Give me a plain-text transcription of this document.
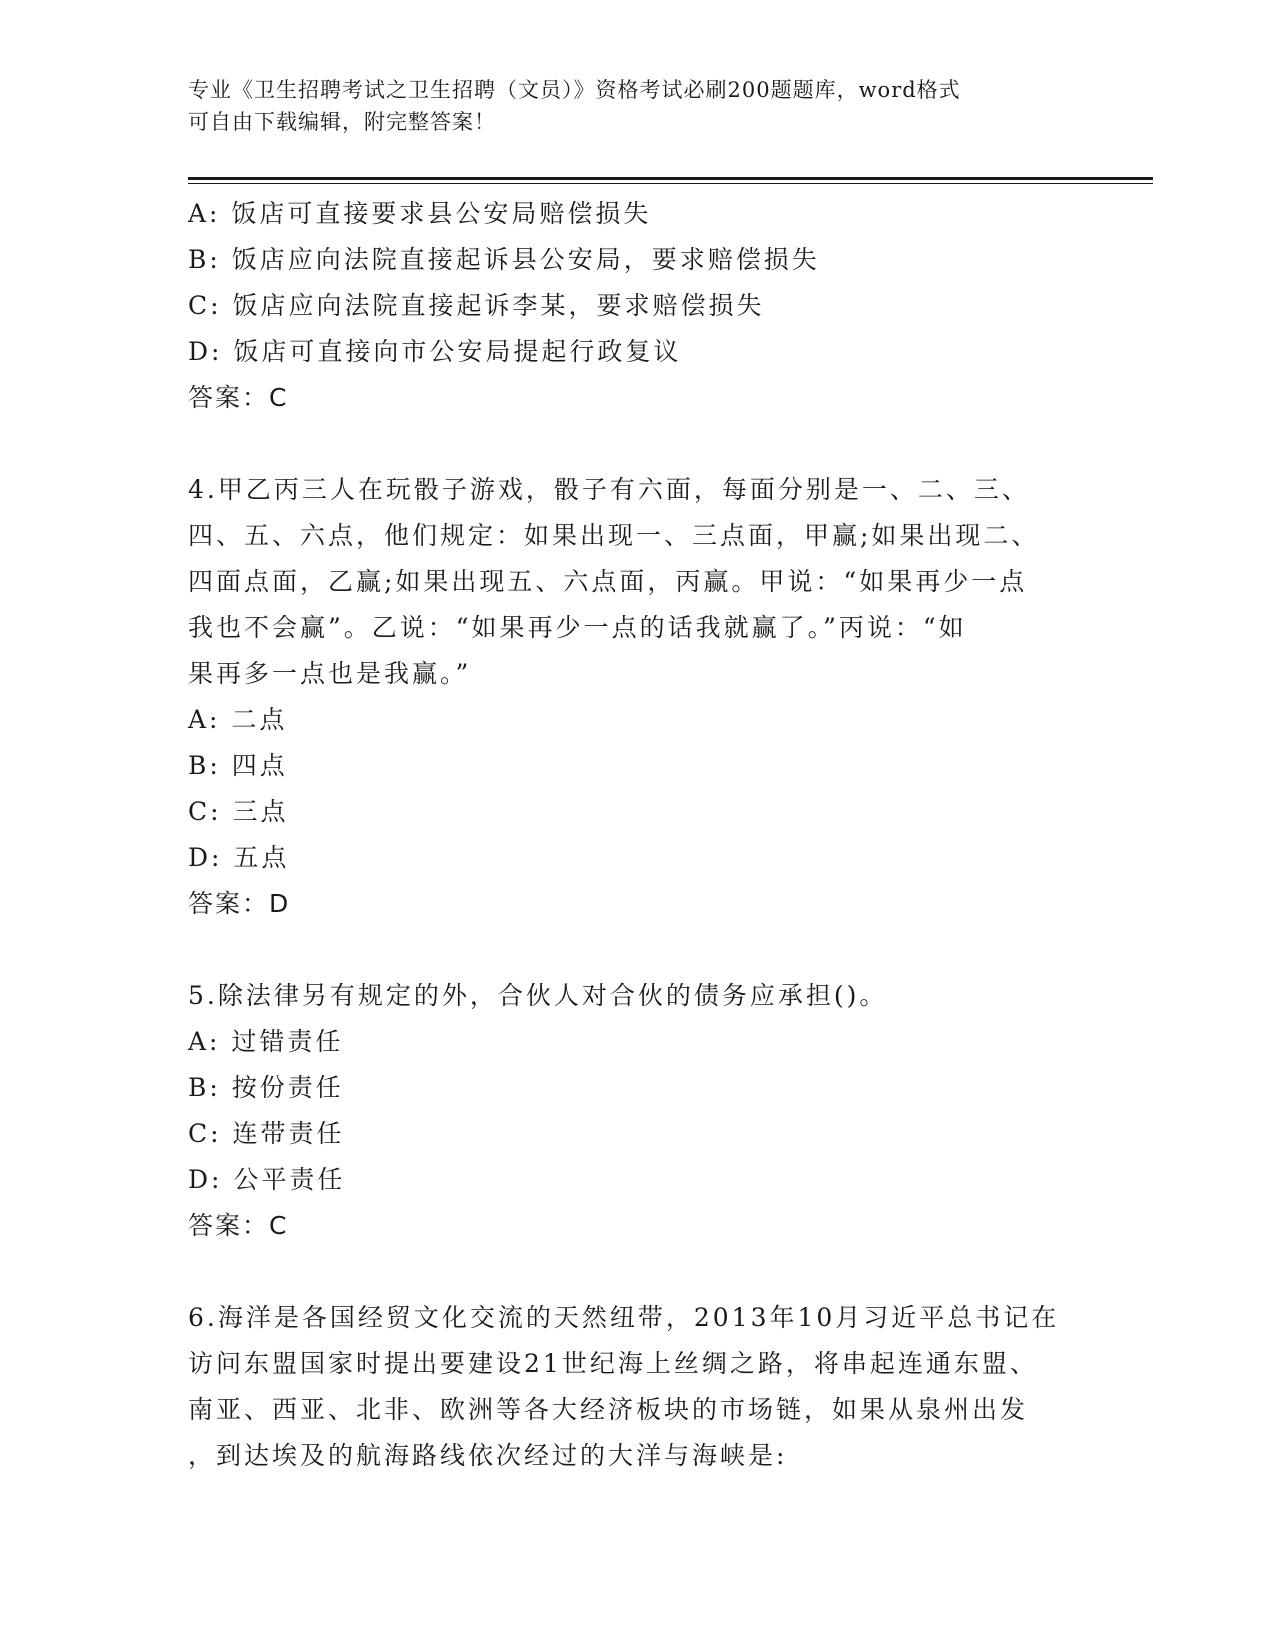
专业《卫生招聘考试之卫生招聘（文员）》资格考试必刷200题题库，word格式
可自由下载编辑，附完整答案！
A: 饭店可直接要求县公安局赔偿损失
B: 饭店应向法院直接起诉县公安局，要求赔偿损失
C: 饭店应向法院直接起诉李某，要求赔偿损失
D: 饭店可直接向市公安局提起行政复议
答案：C
4.甲乙丙三人在玩骰子游戏，骰子有六面，每面分别是一、二、三、
四、五、六点，他们规定：如果出现一、三点面，甲赢;如果出现二、
四面点面，乙赢;如果出现五、六点面，丙赢。甲说：“如果再少一点
我也不会赢”。乙说：“如果再少一点的话我就赢了。”丙说：“如
果再多一点也是我赢。”
A: 二点
B: 四点
C: 三点
D: 五点
答案：D
5.除法律另有规定的外，合伙人对合伙的债务应承担()。
A: 过错责任
B: 按份责任
C: 连带责任
D: 公平责任
答案：C
6.海洋是各国经贸文化交流的天然纽带，2013年10月习近平总书记在
访问东盟国家时提出要建设21世纪海上丝绸之路，将串起连通东盟、
南亚、西亚、北非、欧洲等各大经济板块的市场链，如果从泉州出发
，到达埃及的航海路线依次经过的大洋与海峡是:
